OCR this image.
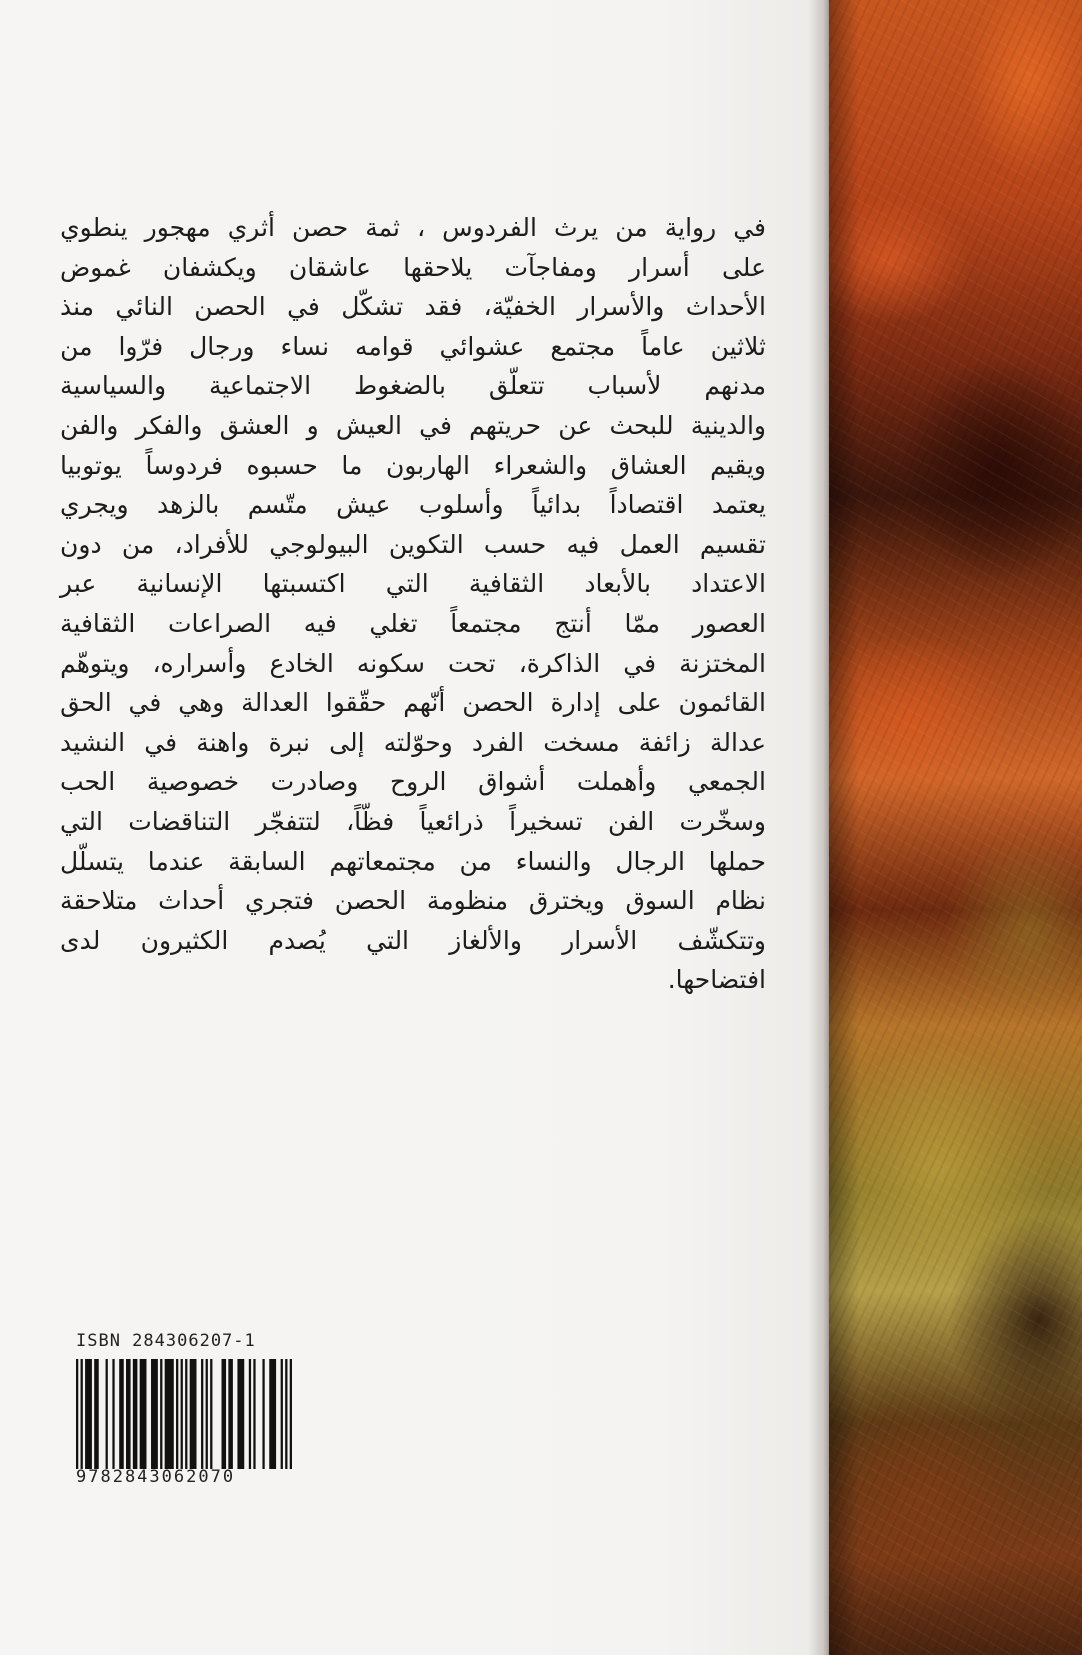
في
رواية
من
يرث
الفردوس
،
ثمة
حصن
أثري
مهجور
ينطوي
على
أسرار
ومفاجآت
يلاحقها
عاشقان
ويكشفان
غموض
الأحداث
والأسرار
الخفيّة،
فقد
تشكّل
في
الحصن
النائي
منذ
ثلاثين
عاماً
مجتمع
عشوائي
قوامه
نساء
ورجال
فرّوا
من
مدنهم
لأسباب
تتعلّق
بالضغوط
الاجتماعية
والسياسية
والدينية
للبحث
عن
حريتهم
في
العيش
و
العشق
والفكر
والفن
ويقيم
العشاق
والشعراء
الهاربون
ما
حسبوه
فردوساً
يوتوبيا
يعتمد
اقتصاداً
بدائياً
وأسلوب
عيش
متّسم
بالزهد
ويجري
تقسيم
العمل
فيه
حسب
التكوين
البيولوجي
للأفراد،
من
دون
الاعتداد
بالأبعاد
الثقافية
التي
اكتسبتها
الإنسانية
عبر
العصور
ممّا
أنتج
مجتمعاً
تغلي
فيه
الصراعات
الثقافية
المختزنة
في
الذاكرة،
تحت
سكونه
الخادع
وأسراره،
ويتوهّم
القائمون
على
إدارة
الحصن
أنّهم
حقّقوا
العدالة
وهي
في
الحق
عدالة
زائفة
مسخت
الفرد
وحوّلته
إلى
نبرة
واهنة
في
النشيد
الجمعي
وأهملت
أشواق
الروح
وصادرت
خصوصية
الحب
وسخّرت
الفن
تسخيراً
ذرائعياً
فظّاً،
لتتفجّر
التناقضات
التي
حملها
الرجال
والنساء
من
مجتمعاتهم
السابقة
عندما
يتسلّل
نظام
السوق
ويخترق
منظومة
الحصن
فتجري
أحداث
متلاحقة
وتتكشّف
الأسرار
والألغاز
التي
يُصدم
الكثيرون
لدى
افتضاحها.
ISBN 284306207-1
9782843062070
